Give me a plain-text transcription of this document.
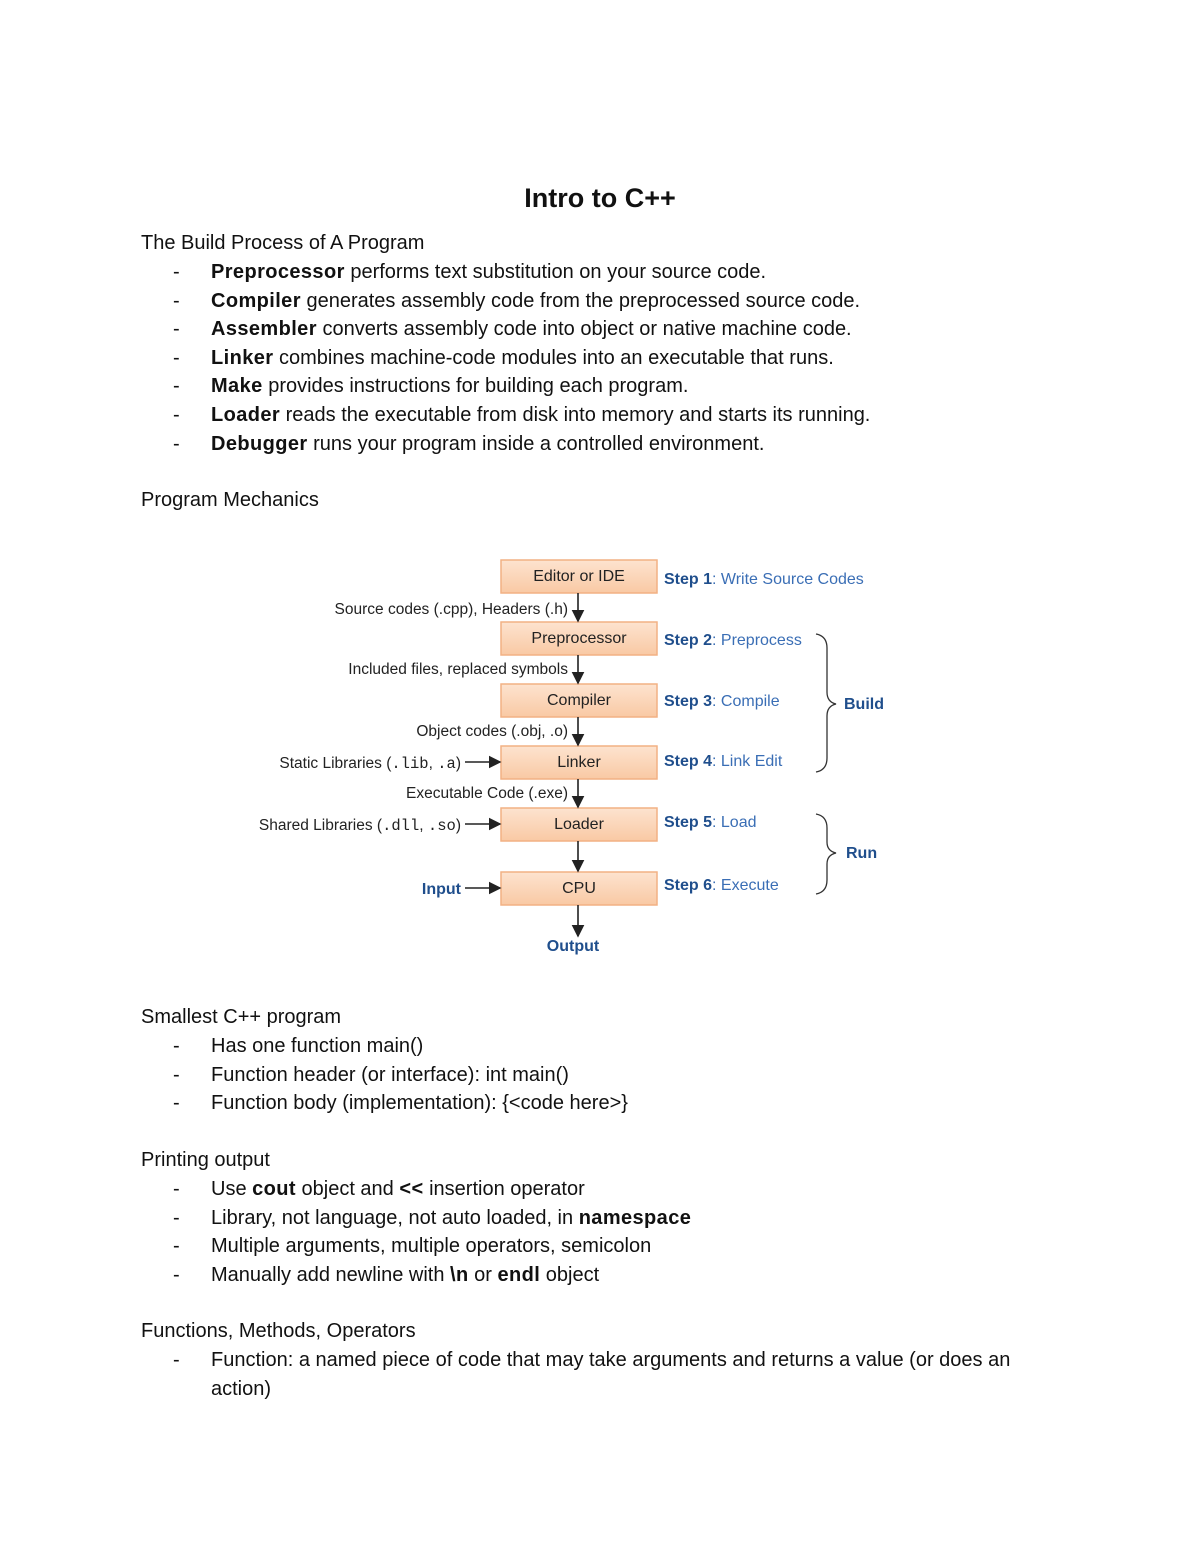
Intro to C++
The Build Process of A Program
- Preprocessor performs text substitution on your source code.
- Compiler generates assembly code from the preprocessed source code.
- Assembler converts assembly code into object or native machine code.
- Linker combines machine-code modules into an executable that runs.
- Make provides instructions for building each program.
- Loader reads the executable from disk into memory and starts its running.
- Debugger runs your program inside a controlled environment.
Program Mechanics
Editor or IDE
Preprocessor
Compiler
Linker
Loader
CPU
Source codes (.cpp), Headers (.h)
Included files, replaced symbols
Object codes (.obj, .o)
Executable Code (.exe)
Static Libraries (.lib, .a)
Shared Libraries (.dll, .so)
Input
Output
Step 1: Write Source Codes
Step 2: Preprocess
Step 3: Compile
Step 4: Link Edit
Step 5: Load
Step 6: Execute
Build
Run
Smallest C++ program
- Has one function main()
- Function header (or interface): int main()
- Function body (implementation): {<code here>}
Printing output
- Use cout object and << insertion operator
- Library, not language, not auto loaded, in namespace
- Multiple arguments, multiple operators, semicolon
- Manually add newline with \n or endl object
Functions, Methods, Operators
- Function: a named piece of code that may take arguments and returns a value (or does an action)
